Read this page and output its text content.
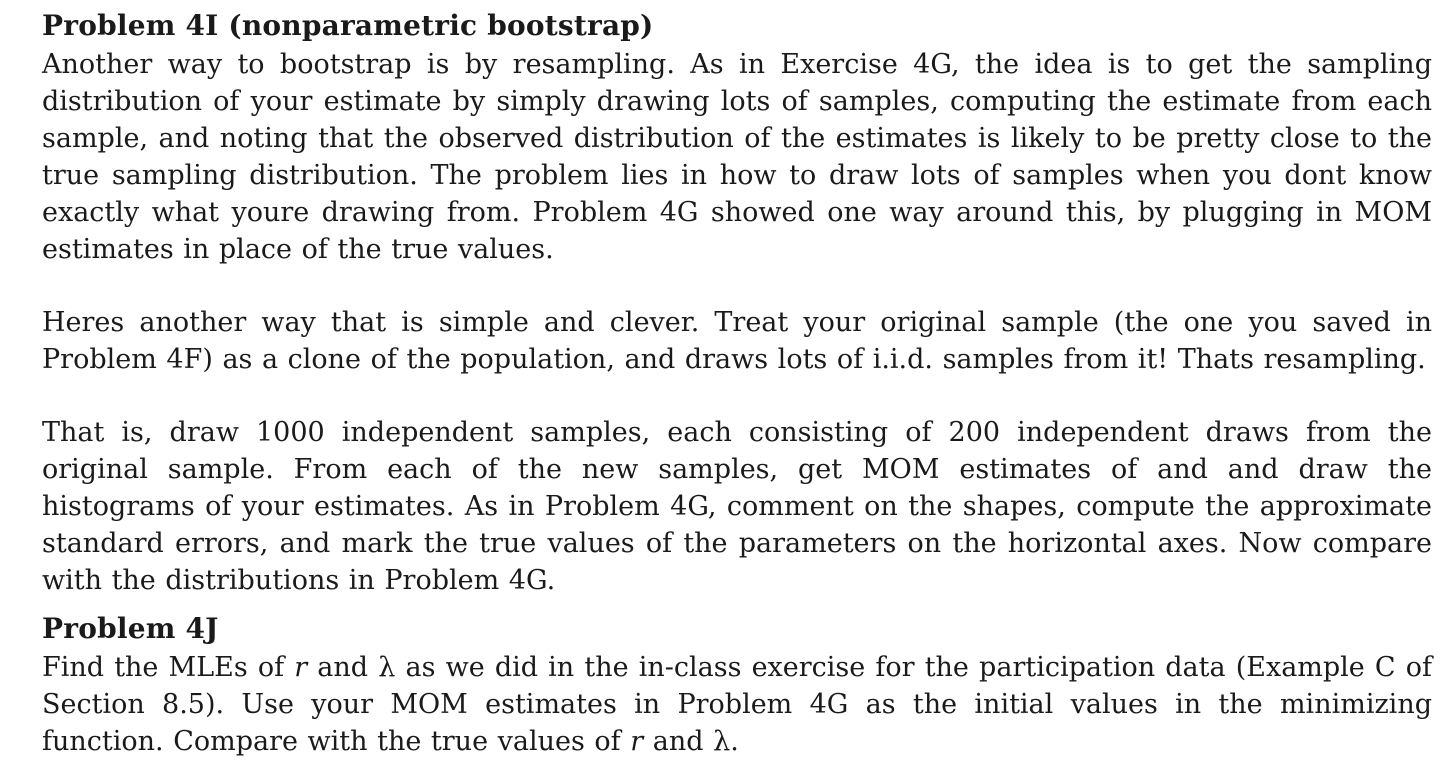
Problem 4I (nonparametric bootstrap)

Another way to bootstrap is by resampling. As in Exercise 4G, the idea is to get the sampling distribution of your estimate by simply drawing lots of samples, computing the estimate from each sample, and noting that the observed distribution of the estimates is likely to be pretty close to the true sampling distribution. The problem lies in how to draw lots of samples when you dont know exactly what youre drawing from. Problem 4G showed one way around this, by plugging in MOM estimates in place of the true values.

Heres another way that is simple and clever. Treat your original sample (the one you saved in Problem 4F) as a clone of the population, and draws lots of i.i.d. samples from it! Thats resampling.

That is, draw 1000 independent samples, each consisting of 200 independent draws from the original sample. From each of the new samples, get MOM estimates of and and draw the histograms of your estimates. As in Problem 4G, comment on the shapes, compute the approximate standard errors, and mark the true values of the parameters on the horizontal axes. Now compare with the distributions in Problem 4G.

Problem 4J

Find the MLEs of r and λ as we did in the in-class exercise for the participation data (Example C of Section 8.5). Use your MOM estimates in Problem 4G as the initial values in the minimizing function. Compare with the true values of r and λ.
